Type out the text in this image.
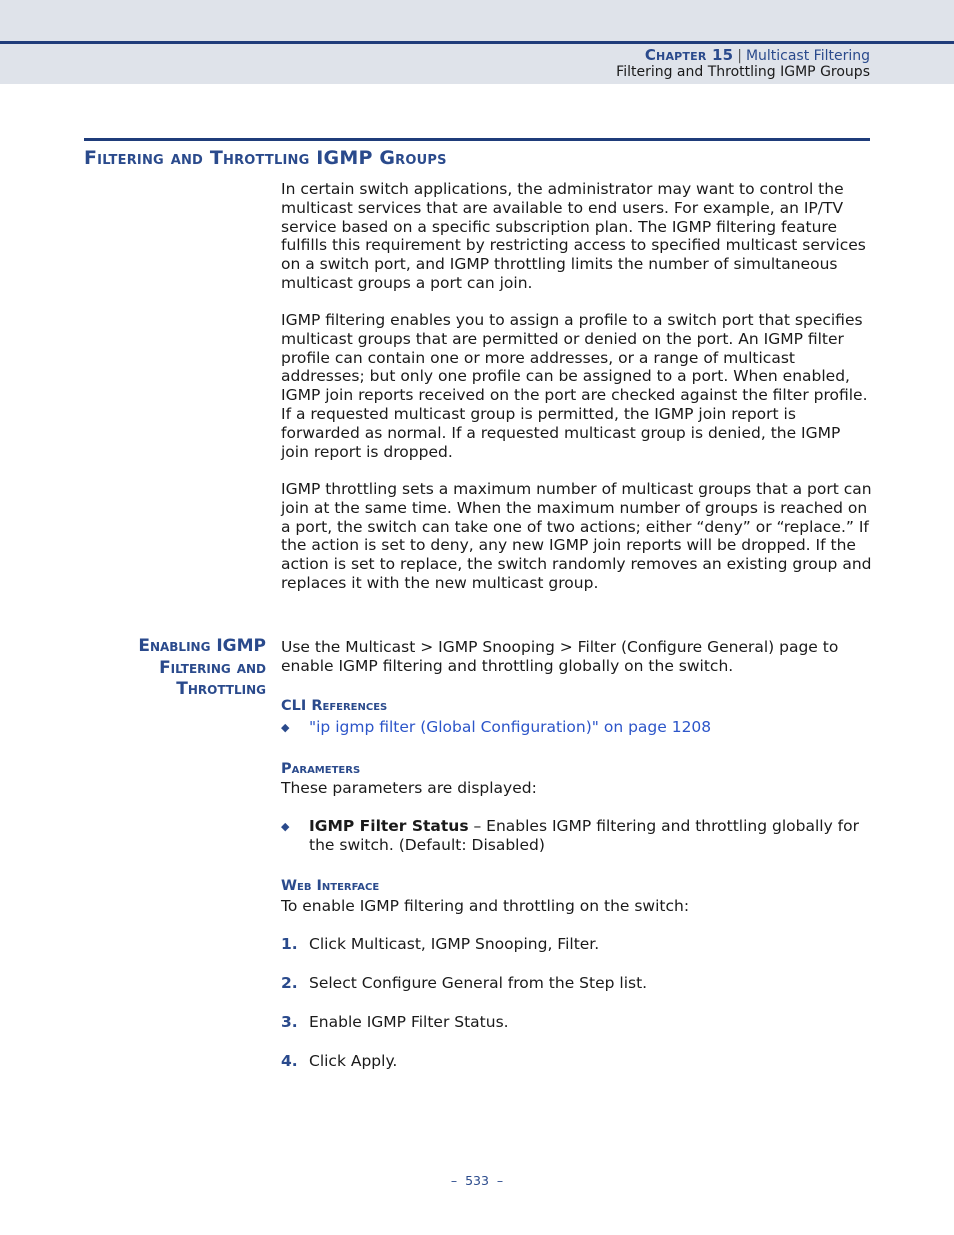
Chapter 15 | Multicast Filtering
Filtering and Throttling IGMP Groups
Filtering and Throttling IGMP Groups

In certain switch applications, the administrator may want to control the multicast services that are available to end users. For example, an IP/TV service based on a specific subscription plan. The IGMP filtering feature fulfills this requirement by restricting access to specified multicast services on a switch port, and IGMP throttling limits the number of simultaneous multicast groups a port can join.

IGMP filtering enables you to assign a profile to a switch port that specifies multicast groups that are permitted or denied on the port. An IGMP filter profile can contain one or more addresses, or a range of multicast addresses; but only one profile can be assigned to a port. When enabled, IGMP join reports received on the port are checked against the filter profile. If a requested multicast group is permitted, the IGMP join report is forwarded as normal. If a requested multicast group is denied, the IGMP join report is dropped.

IGMP throttling sets a maximum number of multicast groups that a port can join at the same time. When the maximum number of groups is reached on a port, the switch can take one of two actions; either “deny” or “replace.” If the action is set to deny, any new IGMP join reports will be dropped. If the action is set to replace, the switch randomly removes an existing group and replaces it with the new multicast group.

Enabling IGMP
Filtering and
Throttling

Use the Multicast > IGMP Snooping > Filter (Configure General) page to enable IGMP filtering and throttling globally on the switch.

CLI References
◆ "ip igmp filter (Global Configuration)" on page 1208
Parameters

These parameters are displayed:

◆ IGMP Filter Status – Enables IGMP filtering and throttling globally for the switch. (Default: Disabled)

Web Interface

To enable IGMP filtering and throttling on the switch:

1. Click Multicast, IGMP Snooping, Filter.
2. Select Configure General from the Step list.
3. Enable IGMP Filter Status.
4. Click Apply.
– 533 –
